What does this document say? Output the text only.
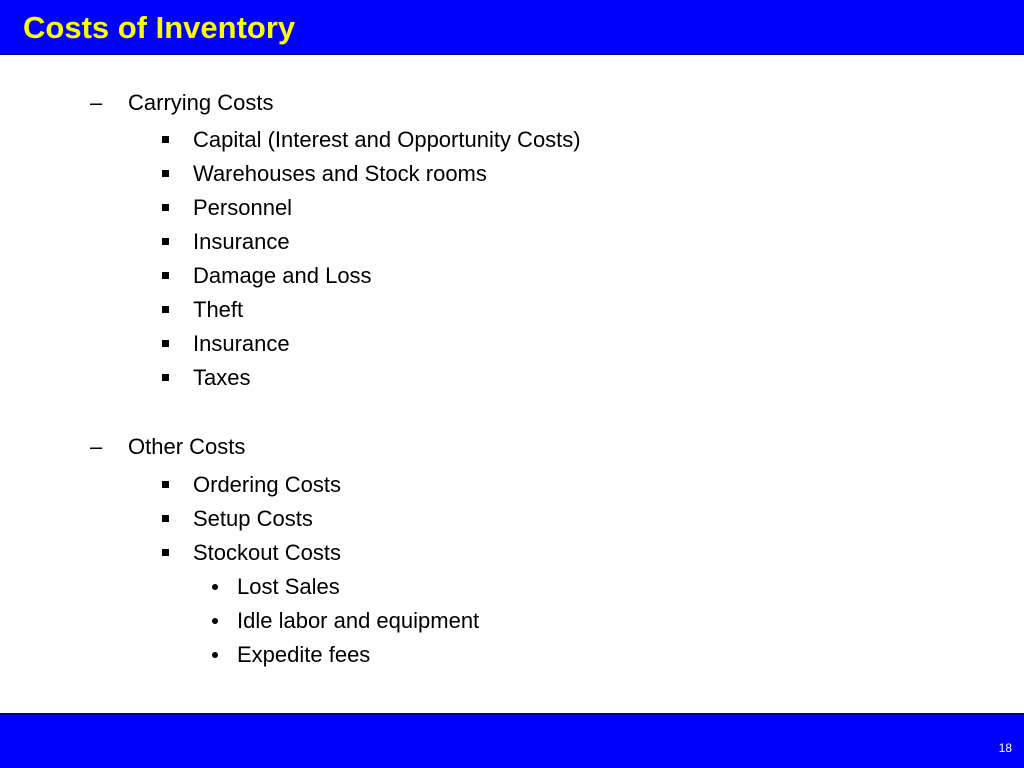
Costs of Inventory
– Carrying Costs
Capital (Interest and Opportunity Costs)
Warehouses and Stock rooms
Personnel
Insurance
Damage and Loss
Theft
Insurance
Taxes
– Other Costs
Ordering Costs
Setup Costs
Stockout Costs
Lost Sales
Idle labor and equipment
Expedite fees
18
